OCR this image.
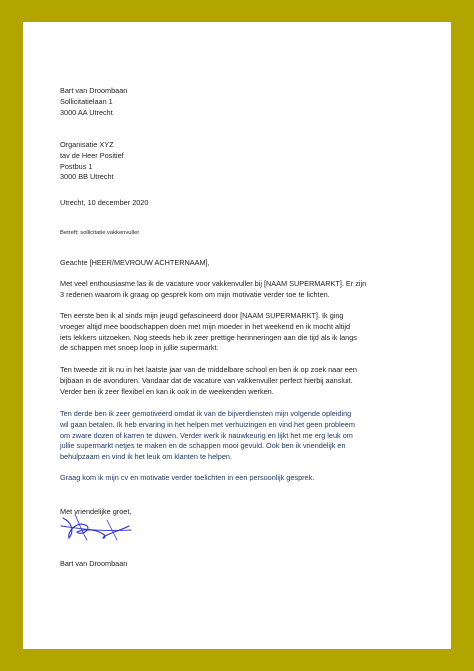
Bart van Droombaan

Sollicitatielaan 1

3000 AA Utrecht

Organisatie XYZ

tav de Heer Positief

Postbus 1

3000 BB Utrecht

Utrecht, 10 december 2020

Betreft: sollicitatie vakkenvuller

Geachte [HEER/MEVROUW ACHTERNAAM],

Met veel enthousiasme las ik de vacature voor vakkenvuller bij [NAAM SUPERMARKT]. Er zijn

3 redenen waarom ik graag op gesprek kom om mijn motivatie verder toe te lichten.

Ten eerste ben ik al sinds mijn jeugd gefascineerd door [NAAM SUPERMARKT]. Ik ging

vroeger altijd mee boodschappen doen met mijn moeder in het weekend en ik mocht altijd

iets lekkers uitzoeken. Nog steeds heb ik zeer prettige herinneringen aan die tijd als ik langs

de schappen met snoep loop in jullie supermarkt.

Ten tweede zit ik nu in het laatste jaar van de middelbare school en ben ik op zoek naar een

bijbaan in de avonduren. Vandaar dat de vacature van vakkenvuller perfect hierbij aansluit.

Verder ben ik zeer flexibel en kan ik ook in de weekenden werken.

Ten derde ben ik zeer gemotiveerd omdat ik van de bijverdiensten mijn volgende opleiding

wil gaan betalen. Ik heb ervaring in het helpen met verhuizingen en vind het geen probleem

om zware dozen of karren te duwen. Verder werk ik nauwkeurig en lijkt het me erg leuk om

jullie supermarkt netjes te maken en de schappen mooi gevuld. Ook ben ik vriendelijk en

behulpzaam en vind ik het leuk om klanten te helpen.

Graag kom ik mijn cv en motivatie verder toelichten in een persoonlijk gesprek.

Met vriendelijke groet,

Bart van Droombaan
